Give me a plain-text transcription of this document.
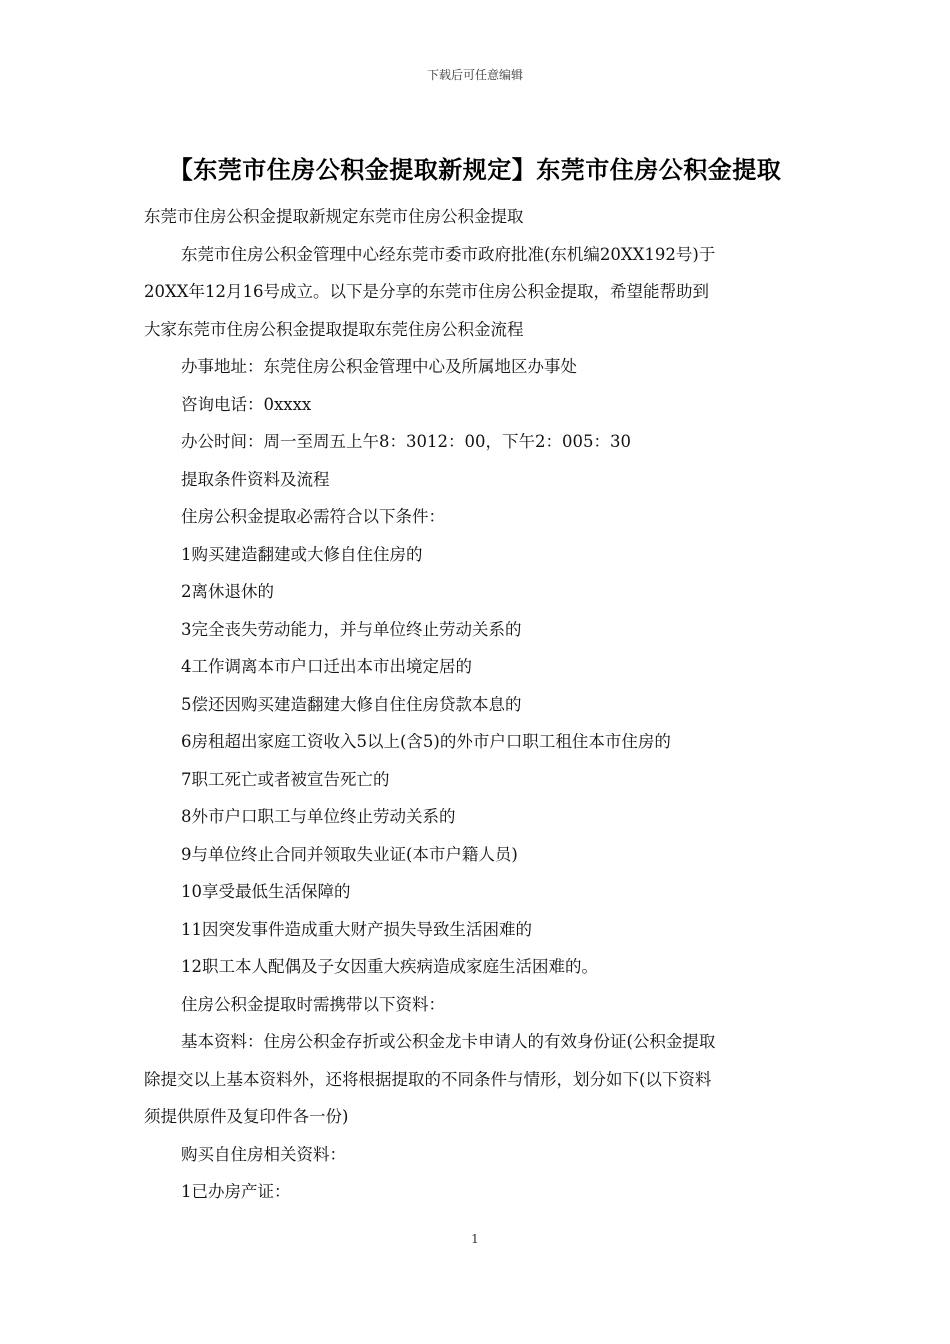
下载后可任意编辑
【东莞市住房公积金提取新规定】东莞市住房公积金提取
东莞市住房公积金提取新规定东莞市住房公积金提取
东莞市住房公积金管理中心经东莞市委市政府批准(东机编20XX192号)于
20XX年12月16号成立。以下是分享的东莞市住房公积金提取，希望能帮助到
大家东莞市住房公积金提取提取东莞住房公积金流程
办事地址：东莞住房公积金管理中心及所属地区办事处
咨询电话：0xxxx
办公时间：周一至周五上午8：3012：00，下午2：005：30
提取条件资料及流程
住房公积金提取必需符合以下条件：
1购买建造翻建或大修自住住房的
2离休退休的
3完全丧失劳动能力，并与单位终止劳动关系的
4工作调离本市户口迁出本市出境定居的
5偿还因购买建造翻建大修自住住房贷款本息的
6房租超出家庭工资收入5以上(含5)的外市户口职工租住本市住房的
7职工死亡或者被宣告死亡的
8外市户口职工与单位终止劳动关系的
9与单位终止合同并领取失业证(本市户籍人员)
10享受最低生活保障的
11因突发事件造成重大财产损失导致生活困难的
12职工本人配偶及子女因重大疾病造成家庭生活困难的。
住房公积金提取时需携带以下资料：
基本资料：住房公积金存折或公积金龙卡申请人的有效身份证(公积金提取
除提交以上基本资料外，还将根据提取的不同条件与情形，划分如下(以下资料
须提供原件及复印件各一份)
购买自住房相关资料：
1已办房产证：
1
